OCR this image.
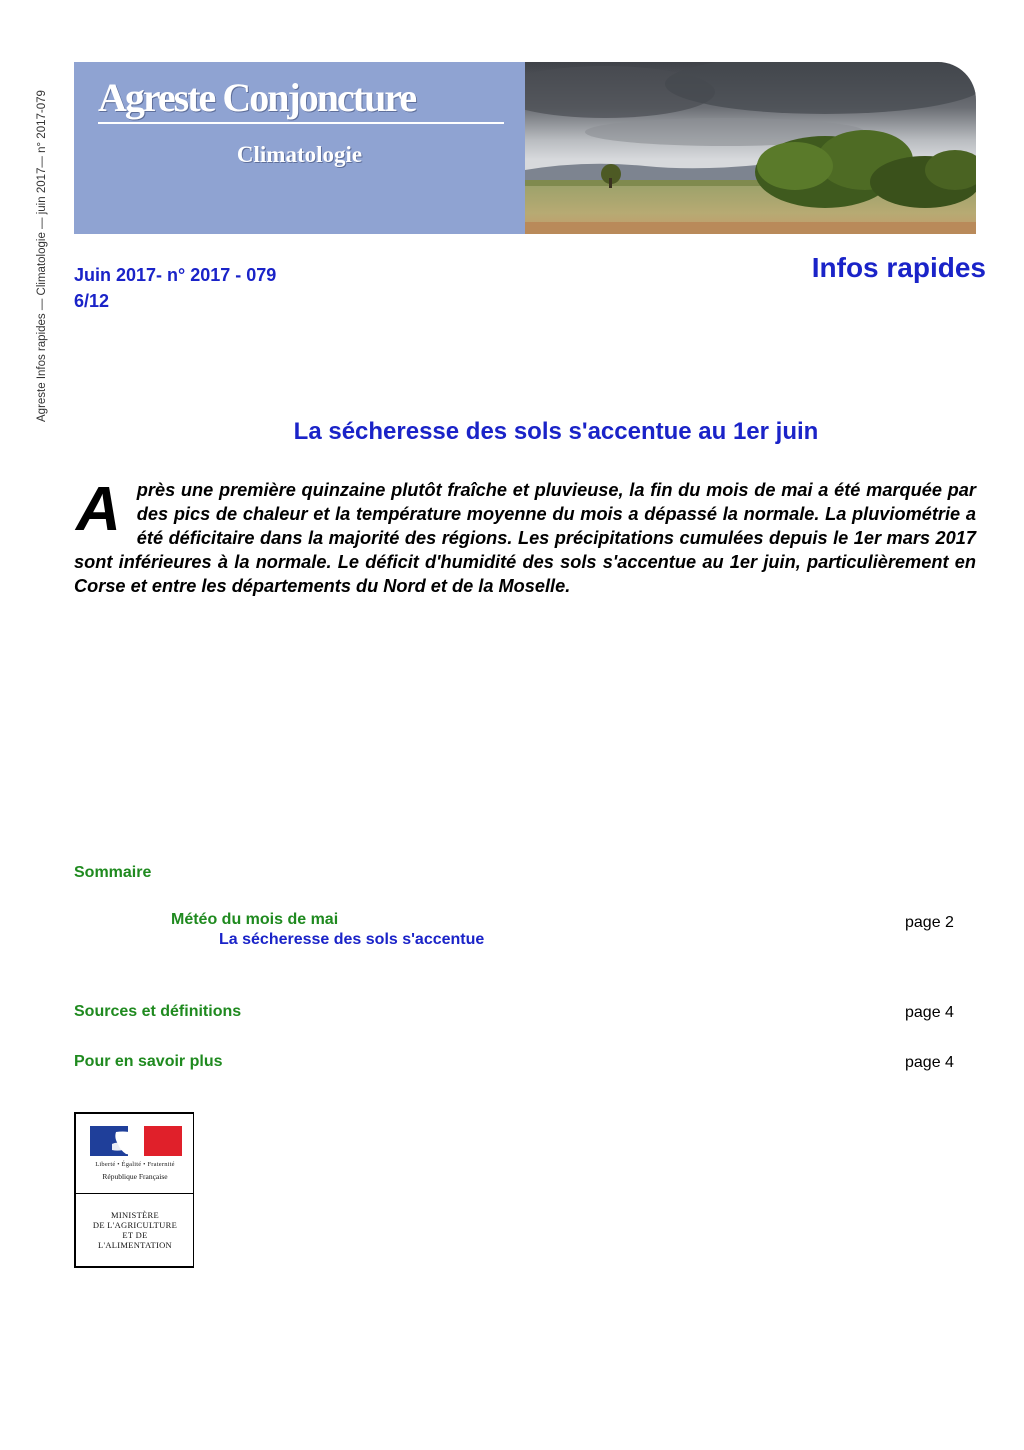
Agreste Infos rapides — Climatologie — juin 2017— n° 2017-079 Agreste Conjoncture
Climatologie
Juin 2017- n° 2017 - 079
6/12
Infos rapides
La sécheresse des sols s'accentue au 1er juin
A près une première quinzaine plutôt fraîche et pluvieuse, la fin du mois de mai a été marquée par des pics de chaleur et la température moyenne du mois a dépassé la normale. La pluviométrie a été déficitaire dans la majorité des régions. Les précipitations cumulées depuis le 1er mars 2017 sont inférieures à la normale. Le déficit d'humidité des sols s'accentue au 1er juin, particulièrement en Corse et entre les départements du Nord et de la Moselle.
Sommaire
Météo du mois de mai
La sécheresse des sols s'accentue
page 2
Sources et définitions	page 4
Pour en savoir plus	page 4
Liberté • Égalité • Fraternité
République Française
MINISTÈRE
DE L'AGRICULTURE
ET DE
L'ALIMENTATION
